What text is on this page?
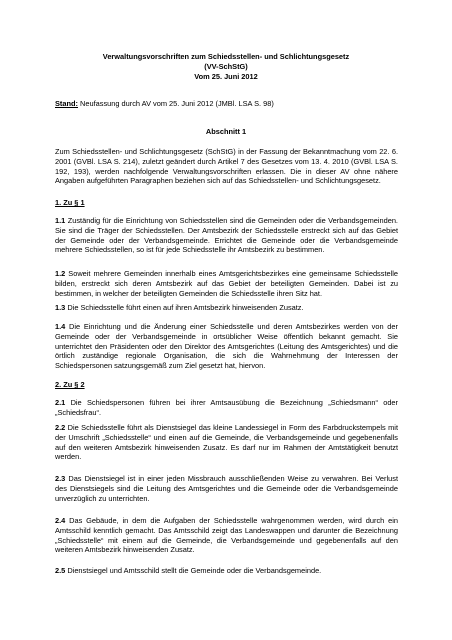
Verwaltungsvorschriften zum Schiedsstellen- und Schlichtungsgesetz
(VV-SchStG)
Vom 25. Juni 2012
Stand: Neufassung durch AV vom 25. Juni 2012 (JMBl. LSA S. 98)
Abschnitt 1
Zum Schiedsstellen- und Schlichtungsgesetz (SchStG) in der Fassung der Bekanntmachung vom 22. 6. 2001 (GVBl. LSA S. 214), zuletzt geändert durch Artikel 7 des Gesetzes vom 13. 4. 2010 (GVBl. LSA S. 192, 193), werden nachfolgende Verwaltungsvorschriften erlassen. Die in dieser AV ohne nähere Angaben aufgeführten Paragraphen beziehen sich auf das Schiedsstellen- und Schlichtungsgesetz.
1. Zu § 1
1.1 Zuständig für die Einrichtung von Schiedsstellen sind die Gemeinden oder die Verbandsgemeinden. Sie sind die Träger der Schiedsstellen. Der Amtsbezirk der Schiedsstelle erstreckt sich auf das Gebiet der Gemeinde oder der Verbandsgemeinde. Errichtet die Gemeinde oder die Verbandsgemeinde mehrere Schiedsstellen, so ist für jede Schiedsstelle ihr Amtsbezirk zu bestimmen.
1.2 Soweit mehrere Gemeinden innerhalb eines Amtsgerichtsbezirkes eine gemeinsame Schiedsstelle bilden, erstreckt sich deren Amtsbezirk auf das Gebiet der beteiligten Gemeinden. Dabei ist zu bestimmen, in welcher der beteiligten Gemeinden die Schiedsstelle ihren Sitz hat.
1.3 Die Schiedsstelle führt einen auf ihren Amtsbezirk hinweisenden Zusatz.
1.4 Die Einrichtung und die Änderung einer Schiedsstelle und deren Amtsbezirkes werden von der Gemeinde oder der Verbandsgemeinde in ortsüblicher Weise öffentlich bekannt gemacht. Sie unterrichtet den Präsidenten oder den Direktor des Amtsgerichtes (Leitung des Amtsgerichtes) und die örtlich zuständige regionale Organisation, die sich die Wahrnehmung der Interessen der Schiedspersonen satzungsgemäß zum Ziel gesetzt hat, hiervon.
2. Zu § 2
2.1 Die Schiedspersonen führen bei ihrer Amtsausübung die Bezeichnung „Schiedsmann“ oder „Schiedsfrau“.
2.2 Die Schiedsstelle führt als Dienstsiegel das kleine Landessiegel in Form des Farbdruckstempels mit der Umschrift „Schiedsstelle“ und einen auf die Gemeinde, die Verbandsgemeinde und gegebenenfalls auf den weiteren Amtsbezirk hinweisenden Zusatz. Es darf nur im Rahmen der Amtstätigkeit benutzt werden.
2.3 Das Dienstsiegel ist in einer jeden Missbrauch ausschließenden Weise zu verwahren. Bei Verlust des Dienstsiegels sind die Leitung des Amtsgerichtes und die Gemeinde oder die Verbandsgemeinde unverzüglich zu unterrichten.
2.4 Das Gebäude, in dem die Aufgaben der Schiedsstelle wahrgenommen werden, wird durch ein Amtsschild kenntlich gemacht. Das Amtsschild zeigt das Landeswappen und darunter die Bezeichnung „Schiedsstelle“ mit einem auf die Gemeinde, die Verbandsgemeinde und gegebenenfalls auf den weiteren Amtsbezirk hinweisenden Zusatz.
2.5 Dienstsiegel und Amtsschild stellt die Gemeinde oder die Verbandsgemeinde.
